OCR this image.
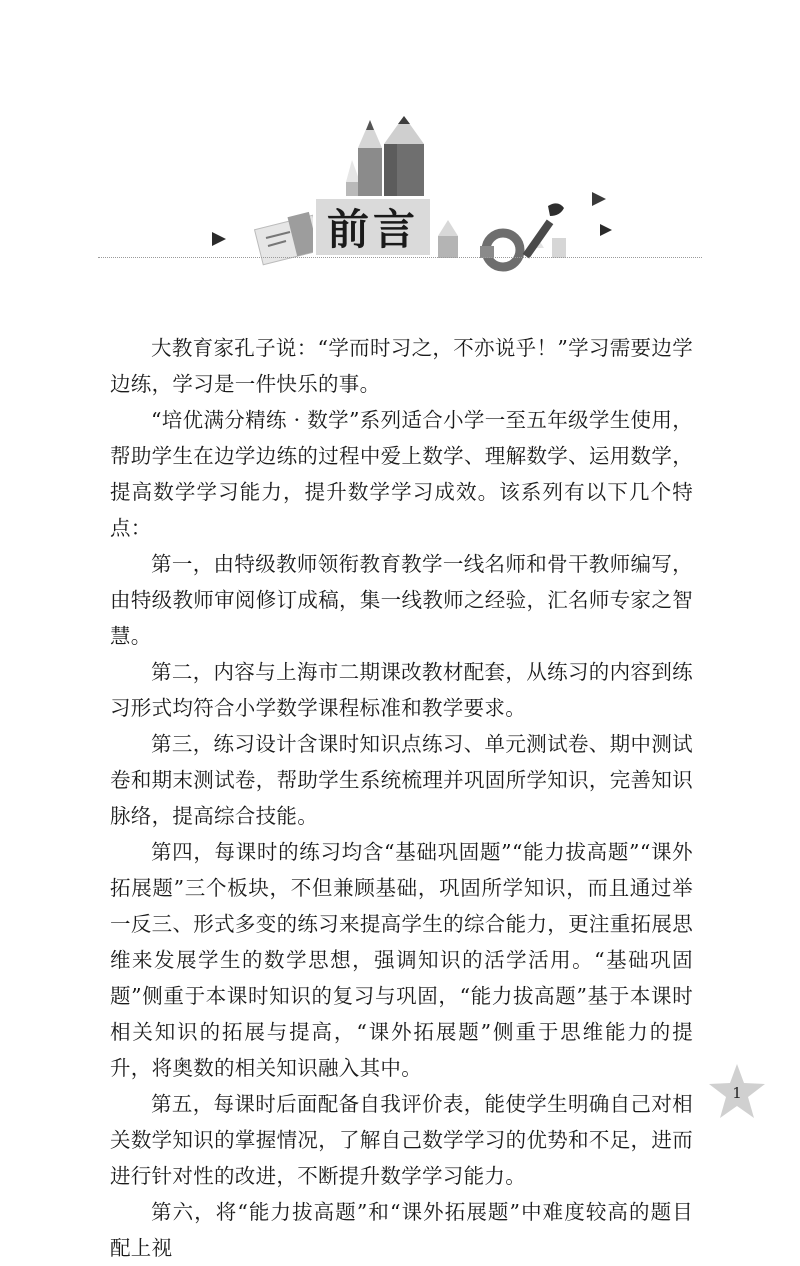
前言

大教育家孔子说：“学而时习之，不亦说乎！”学习需要边学边练，学习是一件快乐的事。

“培优满分精练 · 数学”系列适合小学一至五年级学生使用，帮助学生在边学边练的过程中爱上数学、理解数学、运用数学，提高数学学习能力，提升数学学习成效。该系列有以下几个特点：

第一，由特级教师领衔教育教学一线名师和骨干教师编写，由特级教师审阅修订成稿，集一线教师之经验，汇名师专家之智慧。

第二，内容与上海市二期课改教材配套，从练习的内容到练习形式均符合小学数学课程标准和教学要求。

第三，练习设计含课时知识点练习、单元测试卷、期中测试卷和期末测试卷，帮助学生系统梳理并巩固所学知识，完善知识脉络，提高综合技能。

第四，每课时的练习均含“基础巩固题”“能力拔高题”“课外拓展题”三个板块，不但兼顾基础，巩固所学知识，而且通过举一反三、形式多变的练习来提高学生的综合能力，更注重拓展思维来发展学生的数学思想，强调知识的活学活用。“基础巩固题”侧重于本课时知识的复习与巩固，“能力拔高题”基于本课时相关知识的拓展与提高，“课外拓展题”侧重于思维能力的提升，将奥数的相关知识融入其中。

第五，每课时后面配备自我评价表，能使学生明确自己对相关数学知识的掌握情况，了解自己数学学习的优势和不足，进而进行针对性的改进，不断提升数学学习能力。

第六，将“能力拔高题”和“课外拓展题”中难度较高的题目配上视

1
